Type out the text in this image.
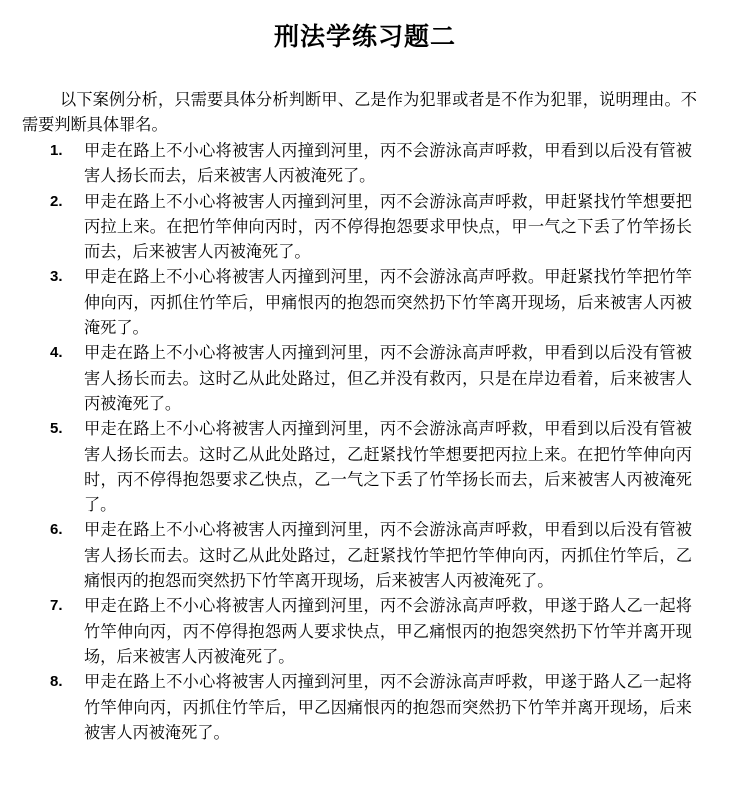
刑法学练习题二
以下案例分析，只需要具体分析判断甲、乙是作为犯罪或者是不作为犯罪，说明理由。不需要判断具体罪名。
1.	甲走在路上不小心将被害人丙撞到河里，丙不会游泳高声呼救，甲看到以后没有管被害人扬长而去，后来被害人丙被淹死了。
2.	甲走在路上不小心将被害人丙撞到河里，丙不会游泳高声呼救，甲赶紧找竹竿想要把丙拉上来。在把竹竿伸向丙时，丙不停得抱怨要求甲快点，甲一气之下丢了竹竿扬长而去，后来被害人丙被淹死了。
3.	甲走在路上不小心将被害人丙撞到河里，丙不会游泳高声呼救。甲赶紧找竹竿把竹竿伸向丙，丙抓住竹竿后，甲痛恨丙的抱怨而突然扔下竹竿离开现场，后来被害人丙被淹死了。
4.	甲走在路上不小心将被害人丙撞到河里，丙不会游泳高声呼救，甲看到以后没有管被害人扬长而去。这时乙从此处路过，但乙并没有救丙，只是在岸边看着，后来被害人丙被淹死了。
5.	甲走在路上不小心将被害人丙撞到河里，丙不会游泳高声呼救，甲看到以后没有管被害人扬长而去。这时乙从此处路过，乙赶紧找竹竿想要把丙拉上来。在把竹竿伸向丙时，丙不停得抱怨要求乙快点，乙一气之下丢了竹竿扬长而去，后来被害人丙被淹死了。
6.	甲走在路上不小心将被害人丙撞到河里，丙不会游泳高声呼救，甲看到以后没有管被害人扬长而去。这时乙从此处路过，乙赶紧找竹竿把竹竿伸向丙，丙抓住竹竿后，乙痛恨丙的抱怨而突然扔下竹竿离开现场，后来被害人丙被淹死了。
7.	甲走在路上不小心将被害人丙撞到河里，丙不会游泳高声呼救，甲遂于路人乙一起将竹竿伸向丙，丙不停得抱怨两人要求快点，甲乙痛恨丙的抱怨突然扔下竹竿并离开现场，后来被害人丙被淹死了。
8.	甲走在路上不小心将被害人丙撞到河里，丙不会游泳高声呼救，甲遂于路人乙一起将竹竿伸向丙，丙抓住竹竿后，甲乙因痛恨丙的抱怨而突然扔下竹竿并离开现场，后来被害人丙被淹死了。
